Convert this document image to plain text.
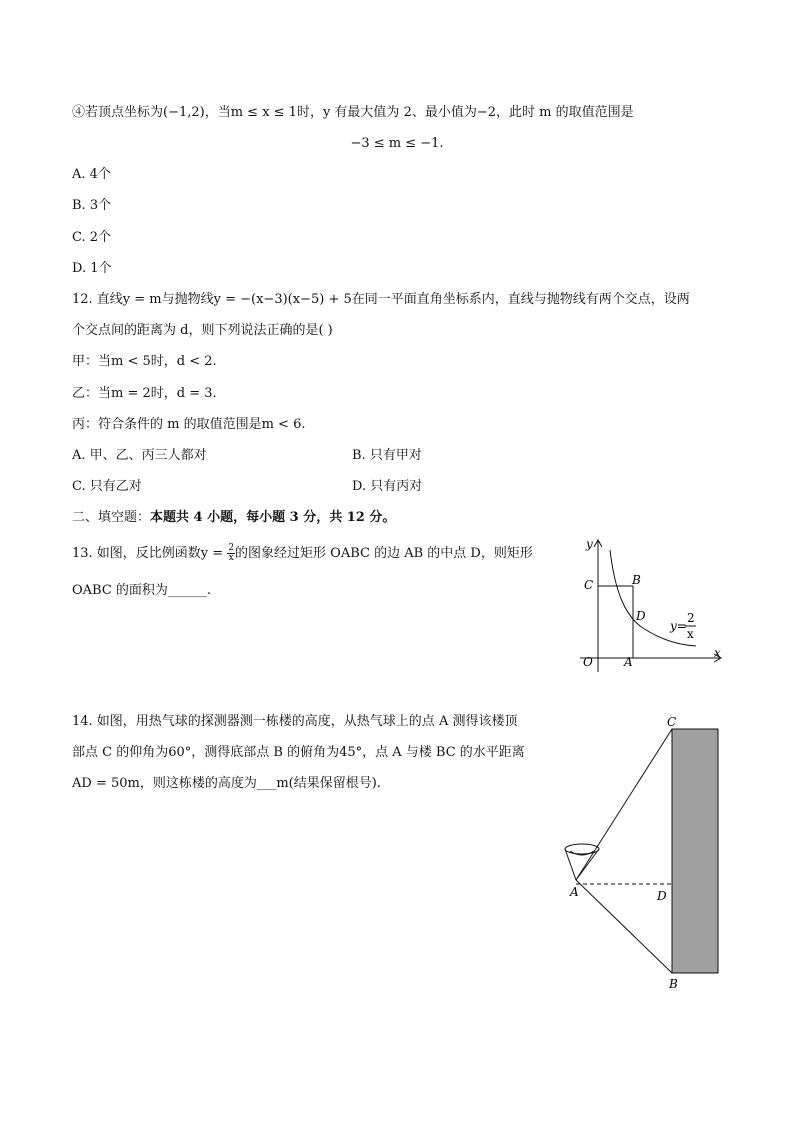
④若顶点坐标为(−1,2)，当m ≤ x ≤ 1时，y 有最大值为 2、最小值为−2，此时 m 的取值范围是
−3 ≤ m ≤ −1.
A. 4个
B. 3个
C. 2个
D. 1个
12. 直线y = m与抛物线y = −(x−3)(x−5) + 5在同一平面直角坐标系内，直线与抛物线有两个交点，设两
个交点间的距离为 d，则下列说法正确的是( )
甲：当m < 5时，d < 2.
乙：当m = 2时，d = 3.
丙：符合条件的 m 的取值范围是m < 6.
A. 甲、乙、丙三人都对	B. 只有甲对
C. 只有乙对	D. 只有丙对
二、填空题：本题共 4 小题，每小题 3 分，共 12 分。
13. 如图，反比例函数$y = \frac{2}{x}$ 的图象经过矩形 OABC 的边 AB 的中点 D，则矩形
OABC 的面积为______.
y
x
O	A
B
C
D
y=
2
x
14. 如图，用热气球的探测器测一栋楼的高度，从热气球上的点 A 测得该楼顶
部点 C 的仰角为60°，测得底部点 B 的俯角为45°，点 A 与楼 BC 的水平距离
AD = 50m，则这栋楼的高度为___m(结果保留根号).
C
B
A	D
